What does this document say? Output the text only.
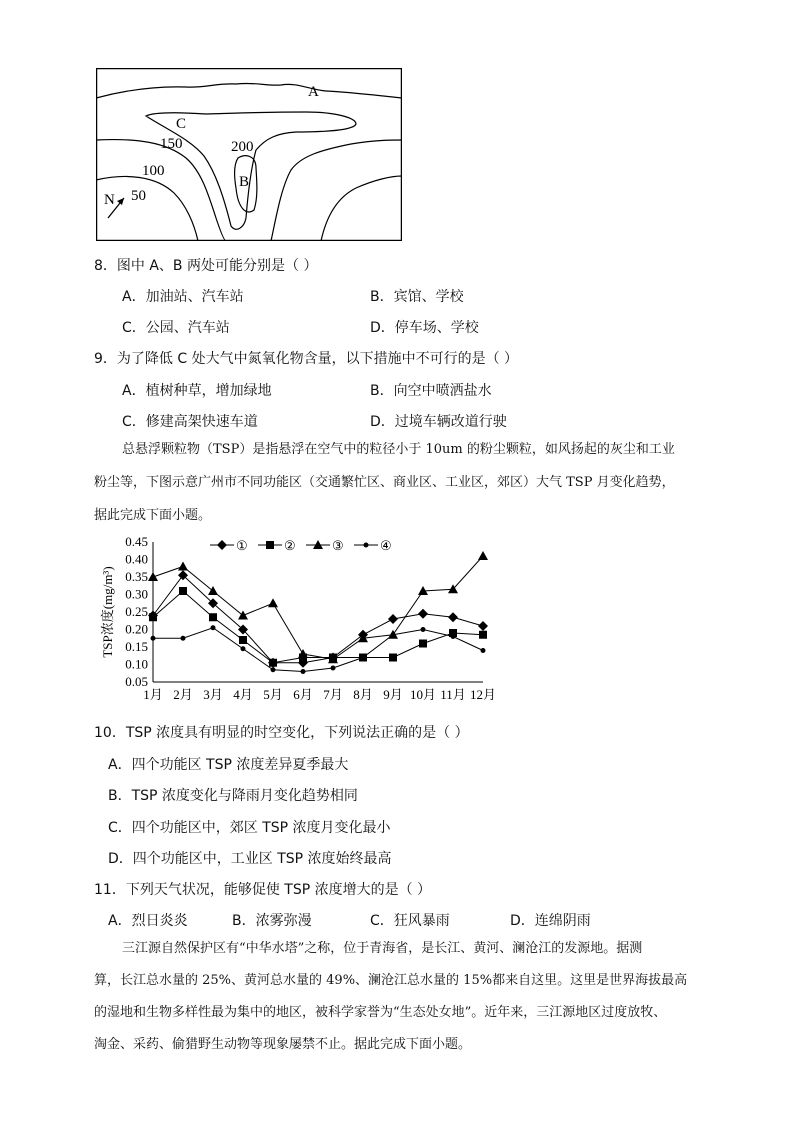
A
C
150	200
B
100
50
N
8．图中 A、B 两处可能分别是（ ）
A．加油站、汽车站	B．宾馆、学校
C．公园、汽车站	D．停车场、学校
9．为了降低 C 处大气中氮氧化物含量，以下措施中不可行的是（ ）
A．植树种草，增加绿地	B．向空中喷洒盐水
C．修建高架快速车道	D．过境车辆改道行驶
总悬浮颗粒物（TSP）是指悬浮在空气中的粒径小于 10um 的粉尘颗粒，如风扬起的灰尘和工业
粉尘等，下图示意广州市不同功能区（交通繁忙区、商业区、工业区，郊区）大气 TSP 月变化趋势，
据此完成下面小题。
0.45
0.40
0.35
0.30
0.25
0.20
0.15
0.10
0.05
1月 2月 3月 4月 5月 6月 7月 8月 9月 10月 11月 12月
TSP浓度(mg/m³)
①	②	③	④
10．TSP 浓度具有明显的时空变化，下列说法正确的是（ ）
A．四个功能区 TSP 浓度差异夏季最大
B．TSP 浓度变化与降雨月变化趋势相同
C．四个功能区中，郊区 TSP 浓度月变化最小
D．四个功能区中，工业区 TSP 浓度始终最高
11．下列天气状况，能够促使 TSP 浓度增大的是（ ）
A．烈日炎炎	B．浓雾弥漫	C．狂风暴雨	D．连绵阴雨
三江源自然保护区有“中华水塔”之称，位于青海省，是长江、黄河、澜沧江的发源地。据测
算，长江总水量的 25%、黄河总水量的 49%、澜沧江总水量的 15%都来自这里。这里是世界海拔最高
的湿地和生物多样性最为集中的地区，被科学家誉为“生态处女地”。近年来，三江源地区过度放牧、
淘金、采药、偷猎野生动物等现象屡禁不止。据此完成下面小题。
